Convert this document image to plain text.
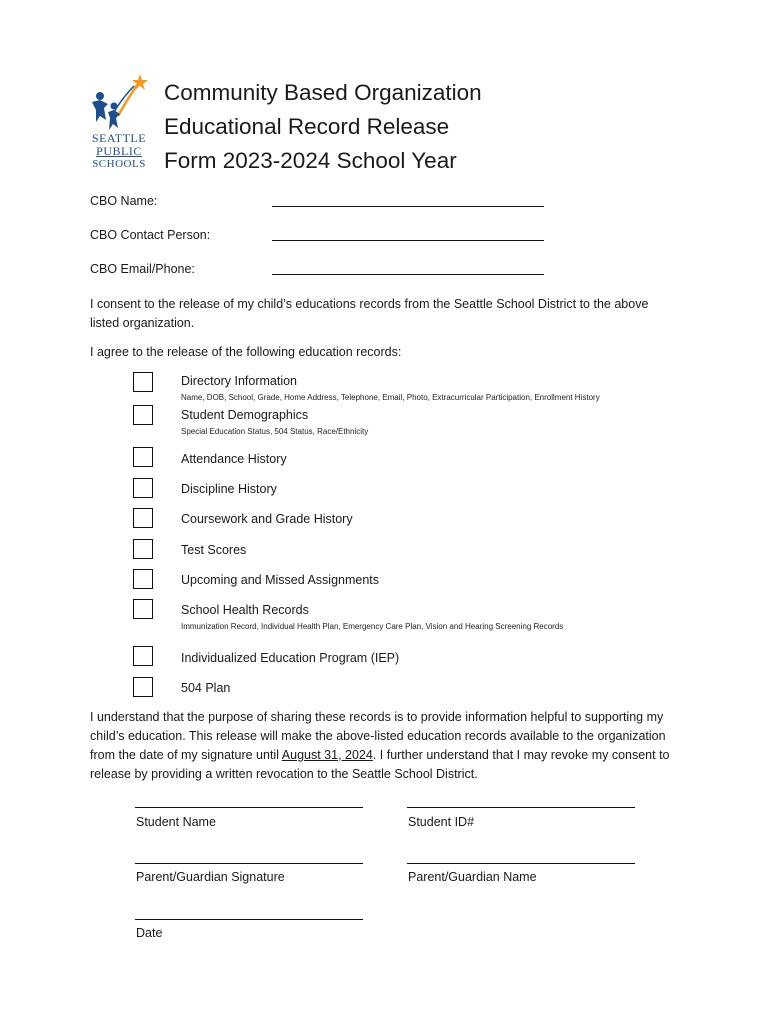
SEATTLE
PUBLIC
SCHOOLS
Community Based Organization
Educational Record Release
Form 2023-2024 School Year
CBO Name:
CBO Contact Person:
CBO Email/Phone:
I consent to the release of my child’s educations records from the Seattle School District to the above listed organization.
I agree to the release of the following education records:
Directory Information
Name, DOB, School, Grade, Home Address, Telephone, Email, Photo, Extracurricular Participation, Enrollment History
Student Demographics
Special Education Status, 504 Status, Race/Ethnicity
Attendance History
Discipline History
Coursework and Grade History
Test Scores
Upcoming and Missed Assignments
School Health Records
Immunization Record, Individual Health Plan, Emergency Care Plan, Vision and Hearing Screening Records
Individualized Education Program (IEP)
504 Plan
I understand that the purpose of sharing these records is to provide information helpful to supporting my child’s education. This release will make the above-listed education records available to the organization from the date of my signature until August 31, 2024. I further understand that I may revoke my consent to release by providing a written revocation to the Seattle School District.
Student Name	Student ID#
Parent/Guardian Signature	Parent/Guardian Name
Date
